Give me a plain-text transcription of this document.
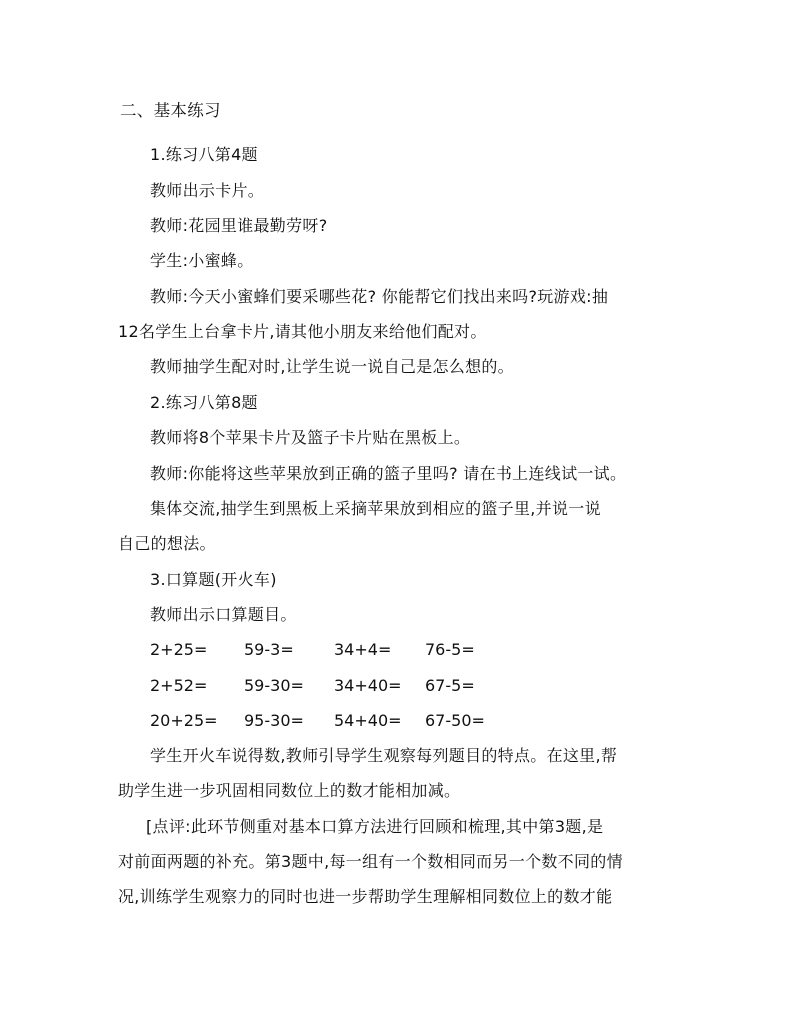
二、基本练习
1.练习八第4题
教师出示卡片。
教师:花园里谁最勤劳呀?
学生:小蜜蜂。
教师:今天小蜜蜂们要采哪些花? 你能帮它们找出来吗?玩游戏:抽
12名学生上台拿卡片,请其他小朋友来给他们配对。
教师抽学生配对时,让学生说一说自己是怎么想的。
2.练习八第8题
教师将8个苹果卡片及篮子卡片贴在黑板上。
教师:你能将这些苹果放到正确的篮子里吗? 请在书上连线试一试。
集体交流,抽学生到黑板上采摘苹果放到相应的篮子里,并说一说
自己的想法。
3.口算题(开火车)
教师出示口算题目。
2+25= 59-3=	34+4= 76-5=
2+52= 59-30= 34+40= 67-5=
20+25= 95-30= 54+40= 67-50=
学生开火车说得数,教师引导学生观察每列题目的特点。在这里,帮
助学生进一步巩固相同数位上的数才能相加减。
[点评:此环节侧重对基本口算方法进行回顾和梳理,其中第3题,是
对前面两题的补充。第3题中,每一组有一个数相同而另一个数不同的情
况,训练学生观察力的同时也进一步帮助学生理解相同数位上的数才能
